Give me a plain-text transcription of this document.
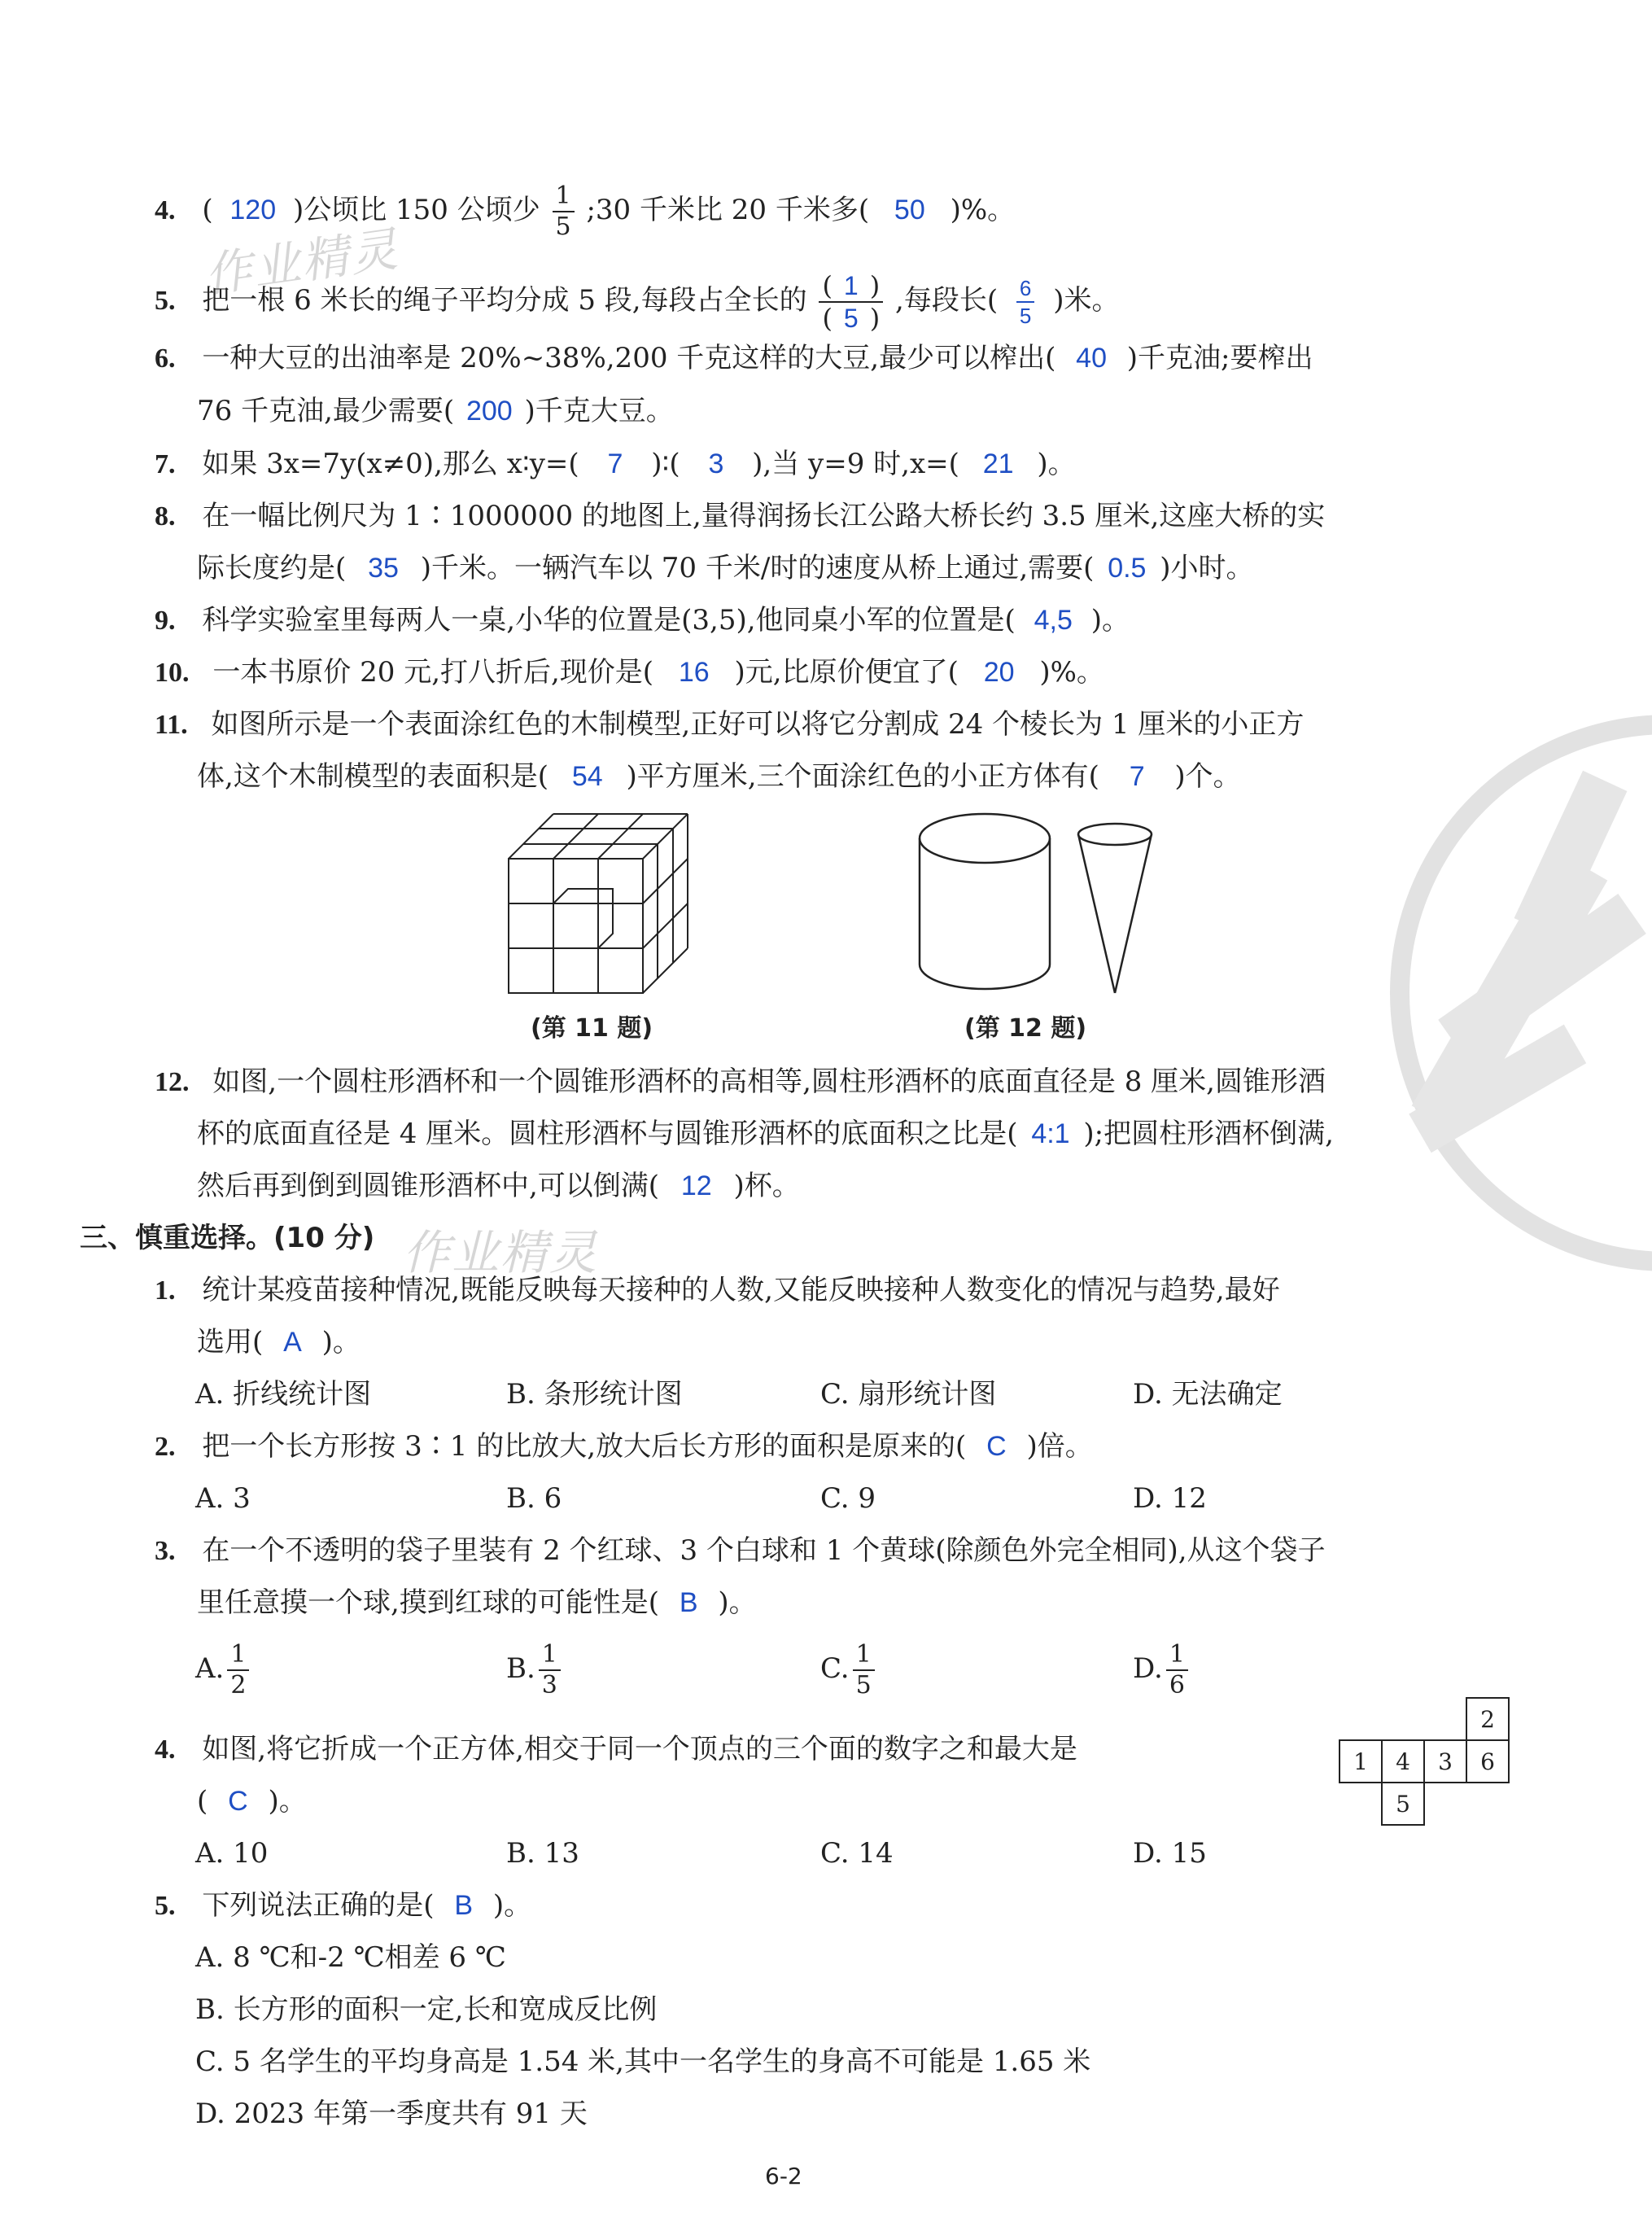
作业精灵
作业精灵
4. ( 120 )公顷比 150 公顷少 $\frac{1}{5}$ ;30 千米比 20 千米多( 50 )%。
5. 把一根 6 米长的绳子平均分成 5 段,每段占全长的 $\frac{( 1 )}{( 5 )}$ ,每段长( $\frac{6}{5}$ )米。
6. 一种大豆的出油率是 20%~38%,200 千克这样的大豆,最少可以榨出( 40 )千克油;要榨出
76 千克油,最少需要( 200 )千克大豆。
7. 如果 3x=7y(x≠0),那么 x∶y=( 7 )∶( 3 ),当 y=9 时,x=( 21 )。
8. 在一幅比例尺为 1∶1000000 的地图上,量得润扬长江公路大桥长约 3.5 厘米,这座大桥的实
际长度约是( 35 )千米。一辆汽车以 70 千米/时的速度从桥上通过,需要( 0.5 )小时。
9. 科学实验室里每两人一桌,小华的位置是(3,5),他同桌小军的位置是( 4,5 )。
10. 一本书原价 20 元,打八折后,现价是( 16 )元,比原价便宜了( 20 )%。
11. 如图所示是一个表面涂红色的木制模型,正好可以将它分割成 24 个棱长为 1 厘米的小正方
体,这个木制模型的表面积是( 54 )平方厘米,三个面涂红色的小正方体有( 7 )个。
(第 11 题)	(第 12 题)
12. 如图,一个圆柱形酒杯和一个圆锥形酒杯的高相等,圆柱形酒杯的底面直径是 8 厘米,圆锥形酒
杯的底面直径是 4 厘米。圆柱形酒杯与圆锥形酒杯的底面积之比是( 4:1 );把圆柱形酒杯倒满,
然后再到倒到圆锥形酒杯中,可以倒满( 12 )杯。
三、慎重选择。(10 分)
1. 统计某疫苗接种情况,既能反映每天接种的人数,又能反映接种人数变化的情况与趋势,最好
选用( A )。
A. 折线统计图	B. 条形统计图	C. 扇形统计图	D. 无法确定
2. 把一个长方形按 3∶1 的比放大,放大后长方形的面积是原来的( C )倍。
A. 3	B. 6	C. 9	D. 12
3. 在一个不透明的袋子里装有 2 个红球、3 个白球和 1 个黄球(除颜色外完全相同),从这个袋子
里任意摸一个球,摸到红球的可能性是( B )。
A. $\frac{1}{2}$	B. $\frac{1}{3}$	C. $\frac{1}{5}$	D. $\frac{1}{6}$
4. 如图,将它折成一个正方体,相交于同一个顶点的三个面的数字之和最大是
( C )。
			2
1	4	3	6
	5		
A. 10	B. 13	C. 14	D. 15
5. 下列说法正确的是( B )。
A. 8 ℃和-2 ℃相差 6 ℃
B. 长方形的面积一定,长和宽成反比例
C. 5 名学生的平均身高是 1.54 米,其中一名学生的身高不可能是 1.65 米
D. 2023 年第一季度共有 91 天
6-2
